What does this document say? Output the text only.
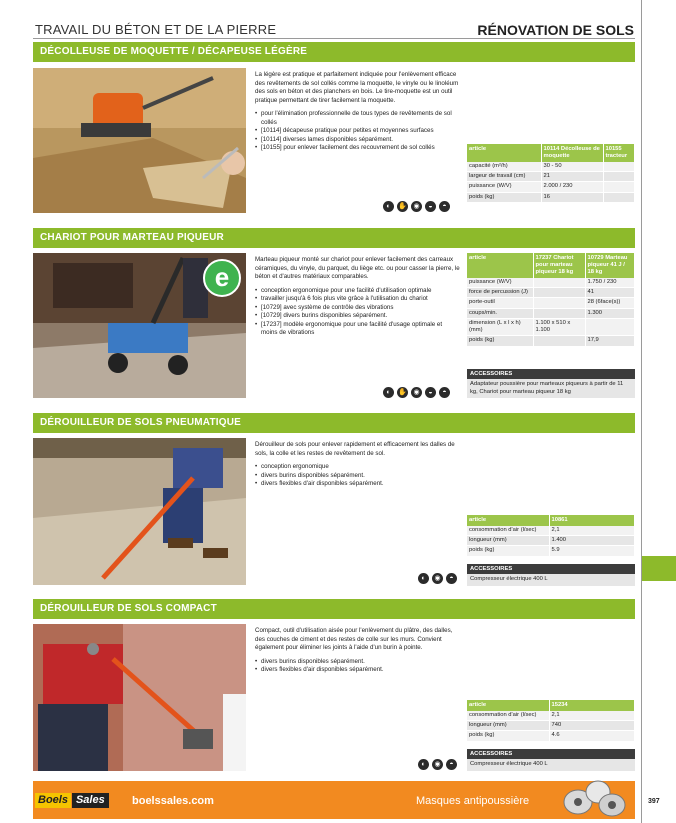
TRAVAIL DU BÉTON ET DE LA PIERRE	RÉNOVATION DE SOLS
DÉCOLLEUSE DE MOQUETTE / DÉCAPEUSE LÉGÈRE

La légère est pratique et parfaitement indiquée pour l'enlèvement efficace des revêtements de sol collés comme la moquette, le vinyle ou le linoléum des sols en béton et des planchers en bois. Le tire-moquette est un outil pratique permettant de tirer facilement la moquette.

• pour l'élimination professionnelle de tous types de revêtements de sol collés
• [10114] décapeuse pratique pour petites et moyennes surfaces
• [10114] diverses lames disponibles séparément.
• [10155] pour enlever facilement des recouvrement de sol collés	article	10114 Décolleuse de moquette	10155 tracteur
capacité (m²/h)	30 - 50	
largeur de travail (cm)	21	
puissance (W/V)	2.000 / 230	
poids (kg)	16	
◐	✋ ◉	◒	◓
CHARIOT POUR MARTEAU PIQUEUR
e

Marteau piqueur monté sur chariot pour enlever facilement des carreaux céramiques, du vinyle, du parquet, du liège etc. ou pour casser la pierre, le béton et d'autres matériaux comparables.

• conception ergonomique pour une facilité d'utilisation optimale
• travailler jusqu'à 6 fois plus vite grâce à l'utilisation du chariot
• [10729] avec système de contrôle des vibrations
• [10729] divers burins disponibles séparément.
• [17237] modèle ergonomique pour une facilité d'usage optimale et moins de vibrations
article	17237 Chariot pour marteau piqueur 18 kg	10729 Marteau piqueur 41 J / 18 kg
puissance (W/V)		1.750 / 230
force de percussion (J)		41
porte-outil		28 (6face(s))
coups/min.		1.300
dimension (L x l x h) (mm)	1.100 x 510 x 1.100	
poids (kg)		17,9
ACCESSOIRES
Adaptateur poussière pour marteaux piqueurs à partir de 11 kg, Chariot pour marteau piqueur 18 kg
◐	✋ ◉	◒	◓
DÉROUILLEUR DE SOLS PNEUMATIQUE

Dérouilleur de sols pour enlever rapidement et efficacement les dalles de sols, la colle et les restes de revêtement de sol.

• conception ergonomique
• divers burins disponibles séparément.
• divers flexibles d'air disponibles séparément.
article	10861
consommation d'air (l/sec)	2,1
longueur (mm)	1.400
poids (kg)	5.9
ACCESSOIRES
Compresseur électrique 400 L
◐	◉	◓
DÉROUILLEUR DE SOLS COMPACT

Compact, outil d'utilisation aisée pour l'enlèvement du plâtre, des dalles, des couches de ciment et des restes de colle sur les murs. Convient également pour éliminer les joints à l'aide d'un burin à pointe.

• divers burins disponibles séparément.
• divers flexibles d'air disponibles séparément.
article	15234
consommation d'air (l/sec)	2,1
longueur (mm)	740
poids (kg)	4.6
ACCESSOIRES
Compresseur électrique 400 L
◐	◉	◓
Boels Sales	boelssales.com	Masques antipoussière	397
